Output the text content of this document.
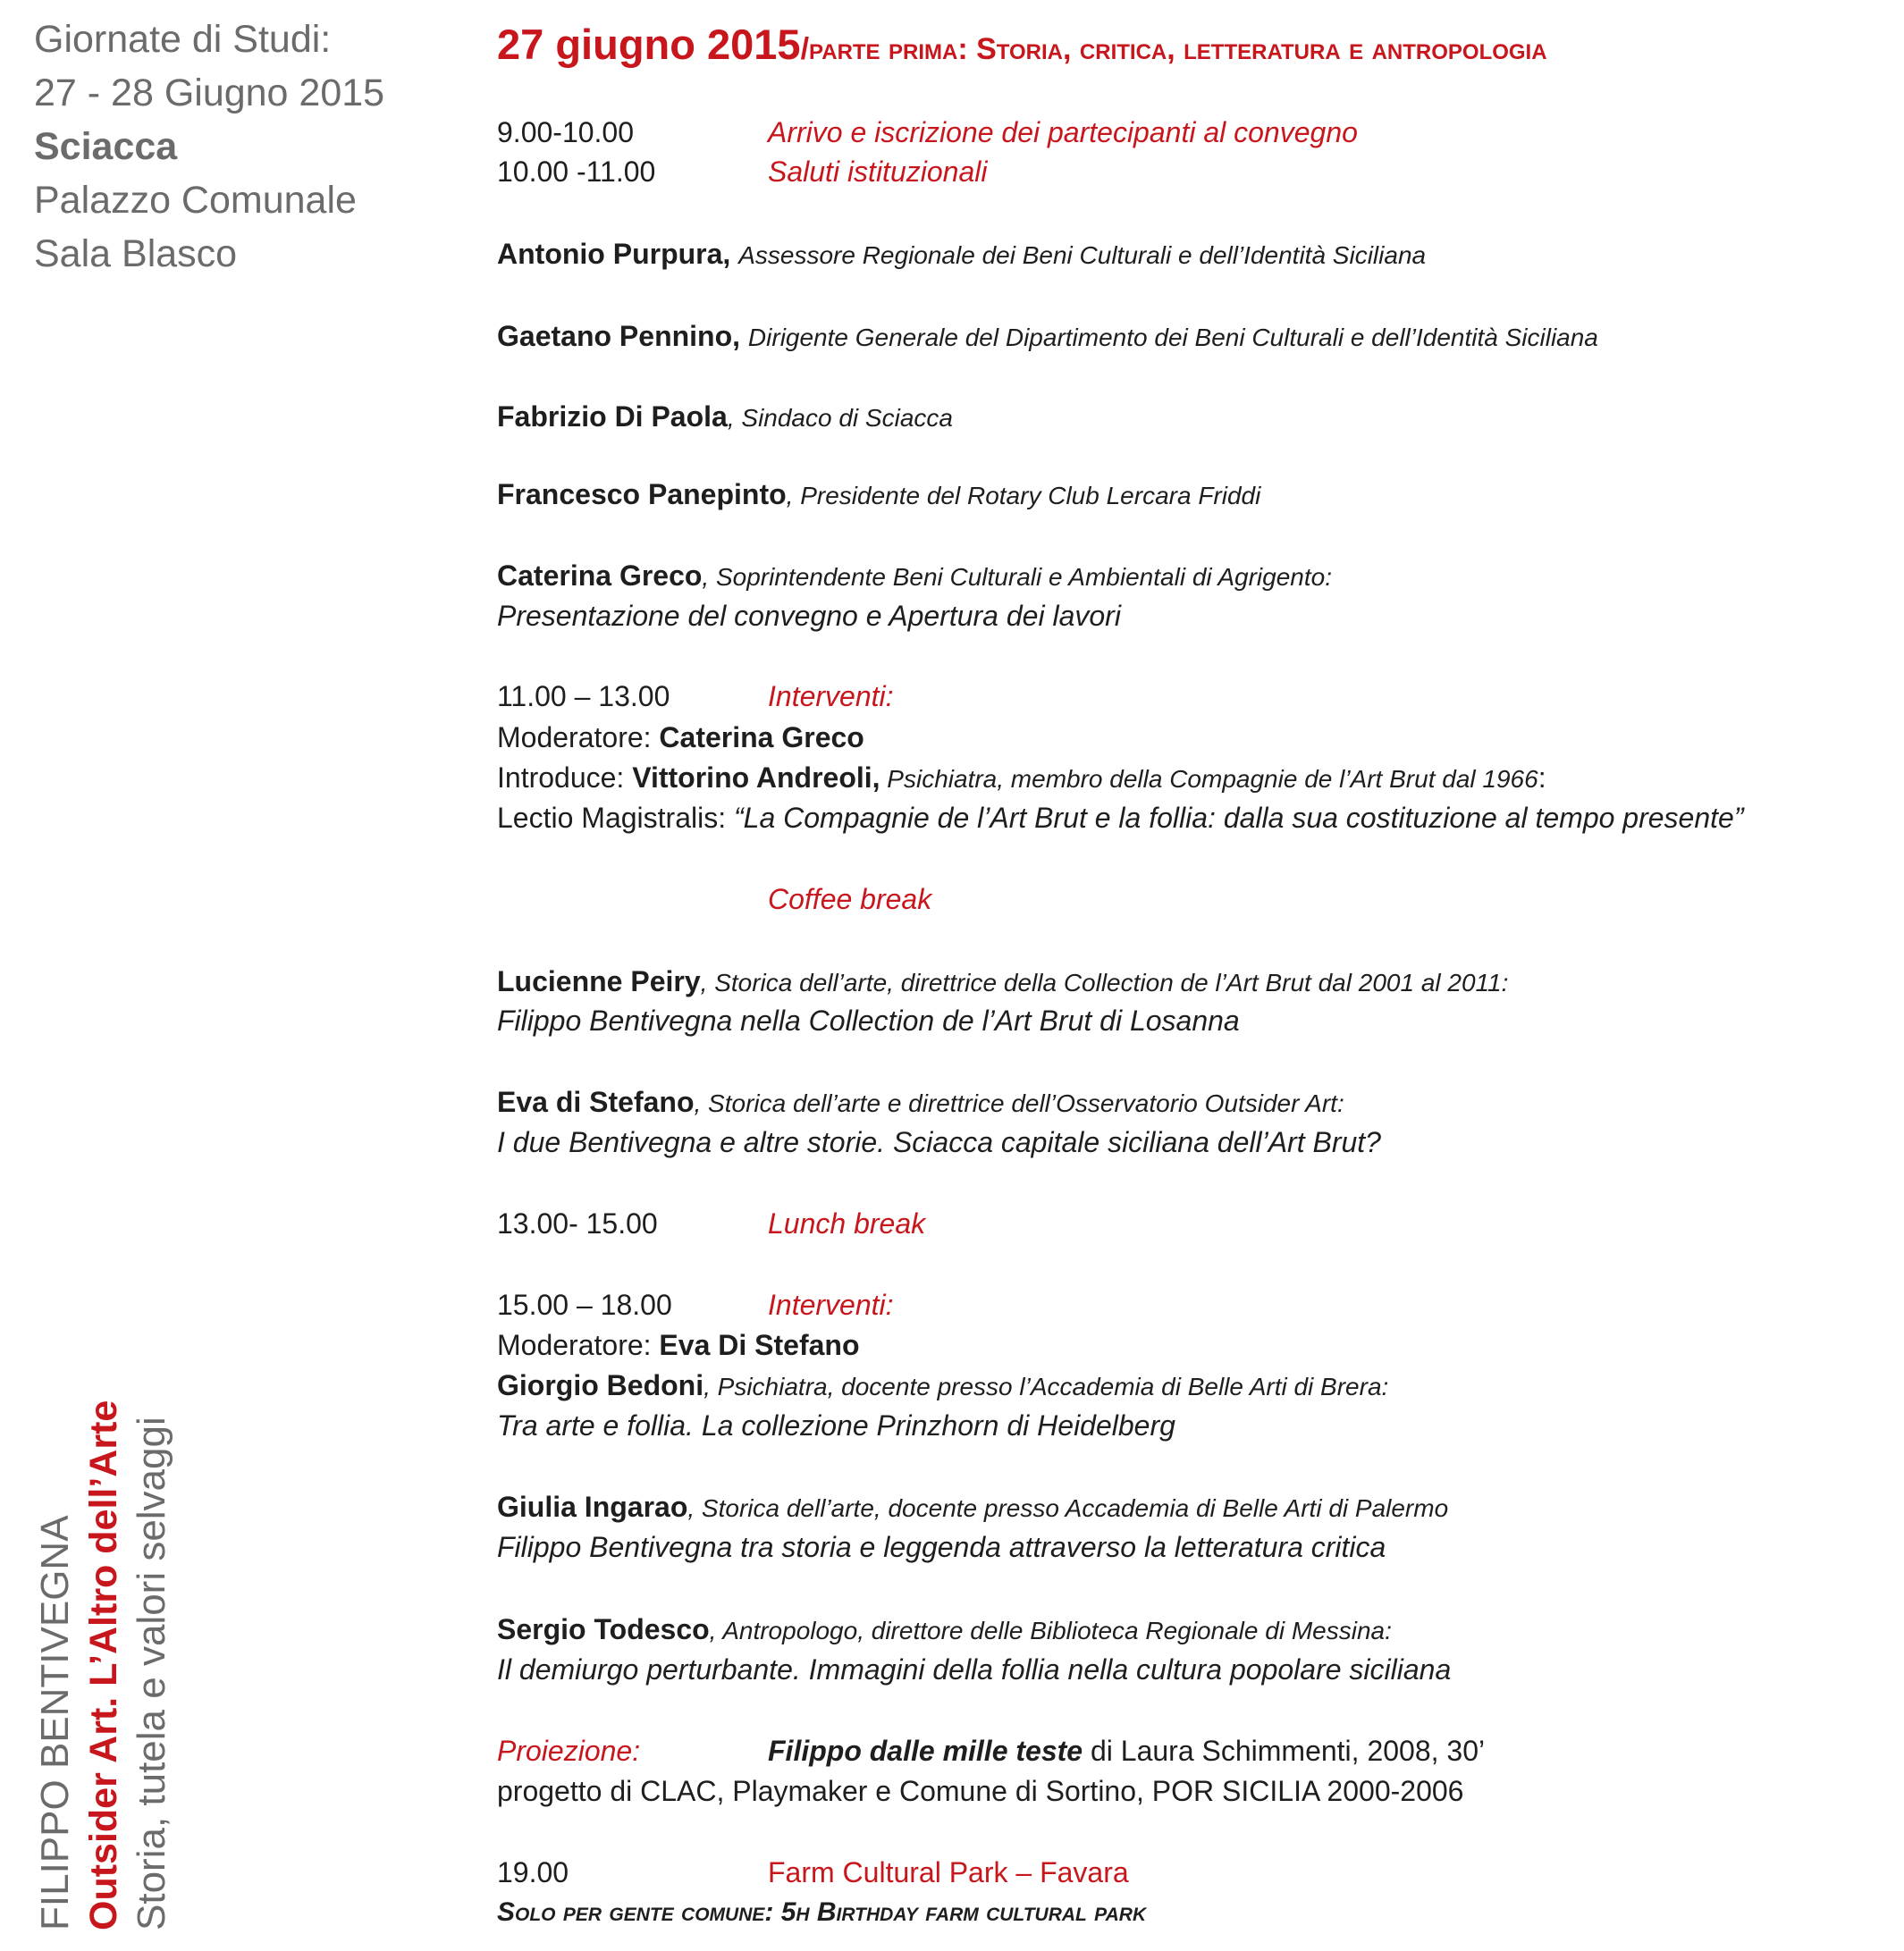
Giornate di Studi:
27 - 28 Giugno 2015
Sciacca
Palazzo Comunale
Sala Blasco
FILIPPO BENTIVEGNA Outsider Art. L’Altro dell’Arte Storia, tutela e valori selvaggi
27 giugno 2015/parte prima: Storia, critica, letteratura e antropologia
9.00-10.00	Arrivo e iscrizione dei partecipanti al convegno
10.00 -11.00	Saluti istituzionali
Antonio Purpura, Assessore Regionale dei Beni Culturali e dell’Identità Siciliana
Gaetano Pennino, Dirigente Generale del Dipartimento dei Beni Culturali e dell’Identità Siciliana
Fabrizio Di Paola, Sindaco di Sciacca
Francesco Panepinto, Presidente del Rotary Club Lercara Friddi
Caterina Greco, Soprintendente Beni Culturali e Ambientali di Agrigento:
Presentazione del convegno e Apertura dei lavori
11.00 – 13.00	Interventi:
Moderatore: Caterina Greco
Introduce: Vittorino Andreoli, Psichiatra, membro della Compagnie de l’Art Brut dal 1966:
Lectio Magistralis: “La Compagnie de l’Art Brut e la follia: dalla sua costituzione al tempo presente”
Coffee break
Lucienne Peiry, Storica dell’arte, direttrice della Collection de l’Art Brut dal 2001 al 2011:
Filippo Bentivegna nella Collection de l’Art Brut di Losanna
Eva di Stefano, Storica dell’arte e direttrice dell’Osservatorio Outsider Art:
I due Bentivegna e altre storie. Sciacca capitale siciliana dell’Art Brut?
13.00- 15.00	Lunch break
15.00 – 18.00	Interventi:
Moderatore: Eva Di Stefano
Giorgio Bedoni, Psichiatra, docente presso l’Accademia di Belle Arti di Brera:
Tra arte e follia. La collezione Prinzhorn di Heidelberg
Giulia Ingarao, Storica dell’arte, docente presso Accademia di Belle Arti di Palermo
Filippo Bentivegna tra storia e leggenda attraverso la letteratura critica
Sergio Todesco, Antropologo, direttore delle Biblioteca Regionale di Messina:
Il demiurgo perturbante. Immagini della follia nella cultura popolare siciliana
Proiezione:	Filippo dalle mille teste di Laura Schimmenti, 2008, 30’
progetto di CLAC, Playmaker e Comune di Sortino, POR SICILIA 2000-2006
19.00	Farm Cultural Park – Favara
Solo per gente comune: 5h Birthday farm cultural park
